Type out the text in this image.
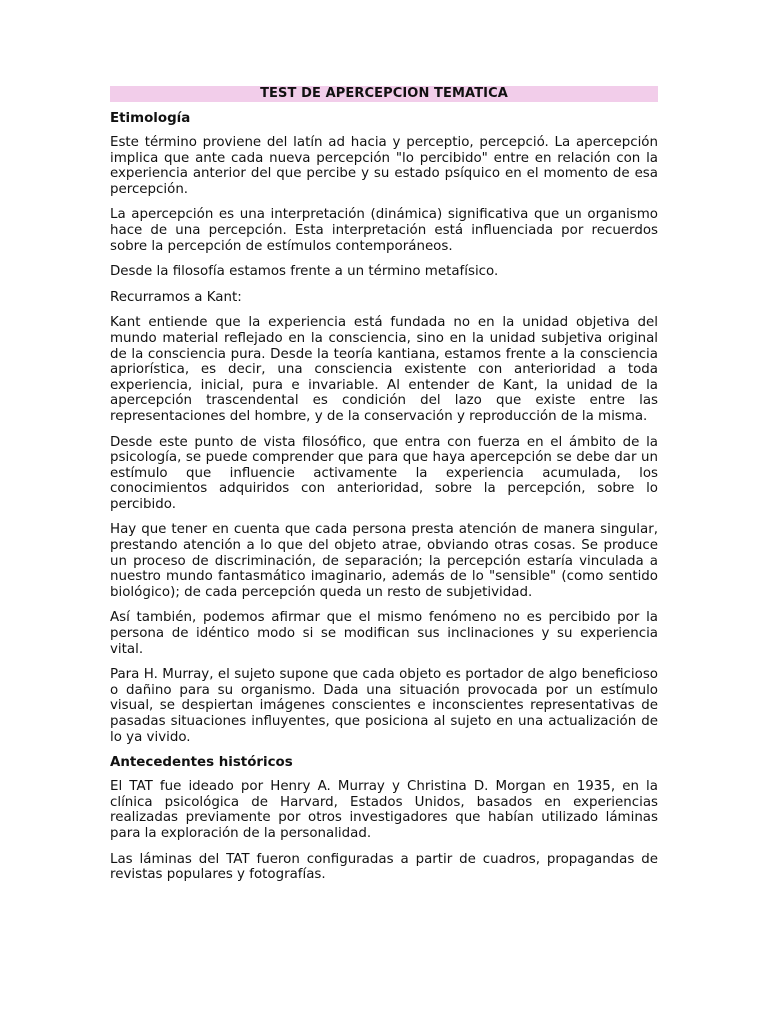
TEST DE APERCEPCION TEMATICA
Etimología

Este término proviene del latín ad hacia y perceptio, percepció. La apercepción implica que ante cada nueva percepción "lo percibido" entre en relación con la experiencia anterior del que percibe y su estado psíquico en el momento de esa percepción.

La apercepción es una interpretación (dinámica) significativa que un organismo hace de una percepción. Esta interpretación está influenciada por recuerdos sobre la percepción de estímulos contemporáneos.

Desde la filosofía estamos frente a un término metafísico.

Recurramos a Kant:

Kant entiende que la experiencia está fundada no en la unidad objetiva del mundo material reflejado en la consciencia, sino en la unidad subjetiva original de la consciencia pura. Desde la teoría kantiana, estamos frente a la consciencia apriorística, es decir, una consciencia existente con anterioridad a toda experiencia, inicial, pura e invariable. Al entender de Kant, la unidad de la apercepción trascendental es condición del lazo que existe entre las representaciones del hombre, y de la conservación y reproducción de la misma.

Desde este punto de vista filosófico, que entra con fuerza en el ámbito de la psicología, se puede comprender que para que haya apercepción se debe dar un estímulo que influencie activamente la experiencia acumulada, los conocimientos adquiridos con anterioridad, sobre la percepción, sobre lo percibido.

Hay que tener en cuenta que cada persona presta atención de manera singular, prestando atención a lo que del objeto atrae, obviando otras cosas. Se produce un proceso de discriminación, de separación; la percepción estaría vinculada a nuestro mundo fantasmático imaginario, además de lo "sensible" (como sentido biológico); de cada percepción queda un resto de subjetividad.

Así también, podemos afirmar que el mismo fenómeno no es percibido por la persona de idéntico modo si se modifican sus inclinaciones y su experiencia vital.

Para H. Murray, el sujeto supone que cada objeto es portador de algo beneficioso o dañino para su organismo. Dada una situación provocada por un estímulo visual, se despiertan imágenes conscientes e inconscientes representativas de pasadas situaciones influyentes, que posiciona al sujeto en una actualización de lo ya vivido.

Antecedentes históricos

El TAT fue ideado por Henry A. Murray y Christina D. Morgan en 1935, en la clínica psicológica de Harvard, Estados Unidos, basados en experiencias realizadas previamente por otros investigadores que habían utilizado láminas para la exploración de la personalidad.

Las láminas del TAT fueron configuradas a partir de cuadros, propagandas de revistas populares y fotografías.
